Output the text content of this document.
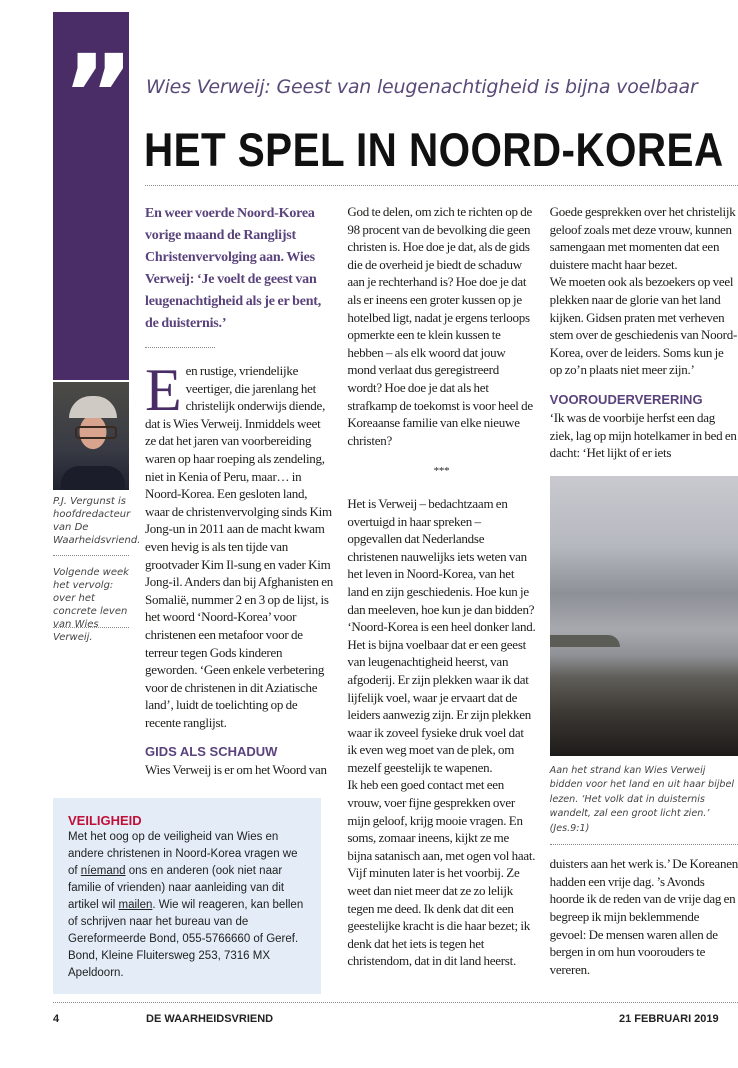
” Wies Verweij: Geest van leugenachtigheid is bijna voelbaar
HET SPEL IN NOORD-KOREA
P.J. Vergunst is hoofdredacteur van De Waarheidsvriend.
Volgende week het vervolg: over het concrete leven van Wies Verweij.

En weer voerde Noord-Korea vorige maand de Ranglijst Christenvervolging aan. Wies Verweij: ‘Je voelt de geest van leugenachtigheid als je er bent, de duisternis.’

Een rustige, vriendelijke veertiger, die jarenlang het christelijk onderwijs diende, dat is Wies Verweij. Inmiddels weet ze dat het jaren van voorbereiding waren op haar roeping als zendeling, niet in Kenia of Peru, maar… in Noord-Korea. Een gesloten land, waar de christenvervolging sinds Kim Jong-un in 2011 aan de macht kwam even hevig is als ten tijde van grootvader Kim Il-sung en vader Kim Jong-il. Anders dan bij Afghanisten en Somalië, nummer 2 en 3 op de lijst, is het woord ‘Noord-Korea’ voor christenen een metafoor voor de terreur tegen Gods kinderen geworden. ‘Geen enkele verbetering voor de christenen in dit Aziatische land’, luidt de toelichting op de recente ranglijst.

GIDS ALS SCHADUW

Wies Verweij is er om het Woord van
God te delen, om zich te richten op de 98 procent van de bevolking die geen christen is. Hoe doe je dat, als de gids die de overheid je biedt de schaduw aan je rechterhand is? Hoe doe je dat als er ineens een groter kussen op je hotelbed ligt, nadat je ergens terloops opmerkte een te klein kussen te hebben – als elk woord dat jouw mond verlaat dus geregistreerd wordt? Hoe doe je dat als het strafkamp de toekomst is voor heel de Koreaanse familie van elke nieuwe christen?

***

Het is Verweij – bedachtzaam en overtuigd in haar spreken – opgevallen dat Nederlandse christenen nauwelijks iets weten van het leven in Noord-Korea, van het land en zijn geschiedenis. Hoe kun je dan meeleven, hoe kun je dan bidden? ‘Noord-Korea is een heel donker land. Het is bijna voelbaar dat er een geest van leugenachtigheid heerst, van afgoderij. Er zijn plekken waar ik dat lijfelijk voel, waar je ervaart dat de leiders aanwezig zijn. Er zijn plekken waar ik zoveel fysieke druk voel dat ik even weg moet van de plek, om mezelf geestelijk te wapenen.

Ik heb een goed contact met een vrouw, voer fijne gesprekken over mijn geloof, krijg mooie vragen. En soms, zomaar ineens, kijkt ze me bijna satanisch aan, met ogen vol haat. Vijf minuten later is het voorbij. Ze weet dan niet meer dat ze zo lelijk tegen me deed. Ik denk dat dit een geestelijke kracht is die haar bezet; ik denk dat het iets is tegen het christendom, dat in dit land heerst. Goede gesprekken over het christelijk geloof zoals met deze vrouw, kunnen samengaan met momenten dat een duistere macht haar bezet.

We moeten ook als bezoekers op veel plekken naar de glorie van het land kijken. Gidsen praten met verheven stem over de geschiedenis van Noord-Korea, over de leiders. Soms kun je op zo’n plaats niet meer zijn.’

VOOROUDERVERERING

‘Ik was de voorbije herfst een dag ziek, lag op mijn hotelkamer in bed en dacht: ‘Het lijkt of er iets

Aan het strand kan Wies Verweij bidden voor het land en uit haar bijbel lezen. ‘Het volk dat in duisternis wandelt, zal een groot licht zien.’ (Jes.9:1)

duisters aan het werk is.’ De Koreanen hadden een vrije dag. ’s Avonds hoorde ik de reden van de vrije dag en begreep ik mijn beklemmende gevoel: De mensen waren allen de bergen in om hun voorouders te vereren.

VEILIGHEID
Met het oog op de veiligheid van Wies en andere christenen in Noord-Korea vragen we of níemand ons en anderen (ook niet naar familie of vrienden) naar aanleiding van dit artikel wil mailen. Wie wil reageren, kan bellen of schrijven naar het bureau van de Gereformeerde Bond, 055-5766660 of Geref. Bond, Kleine Fluitersweg 253, 7316 MX Apeldoorn.
4	DE WAARHEIDSVRIEND	21 FEBRUARI 2019
